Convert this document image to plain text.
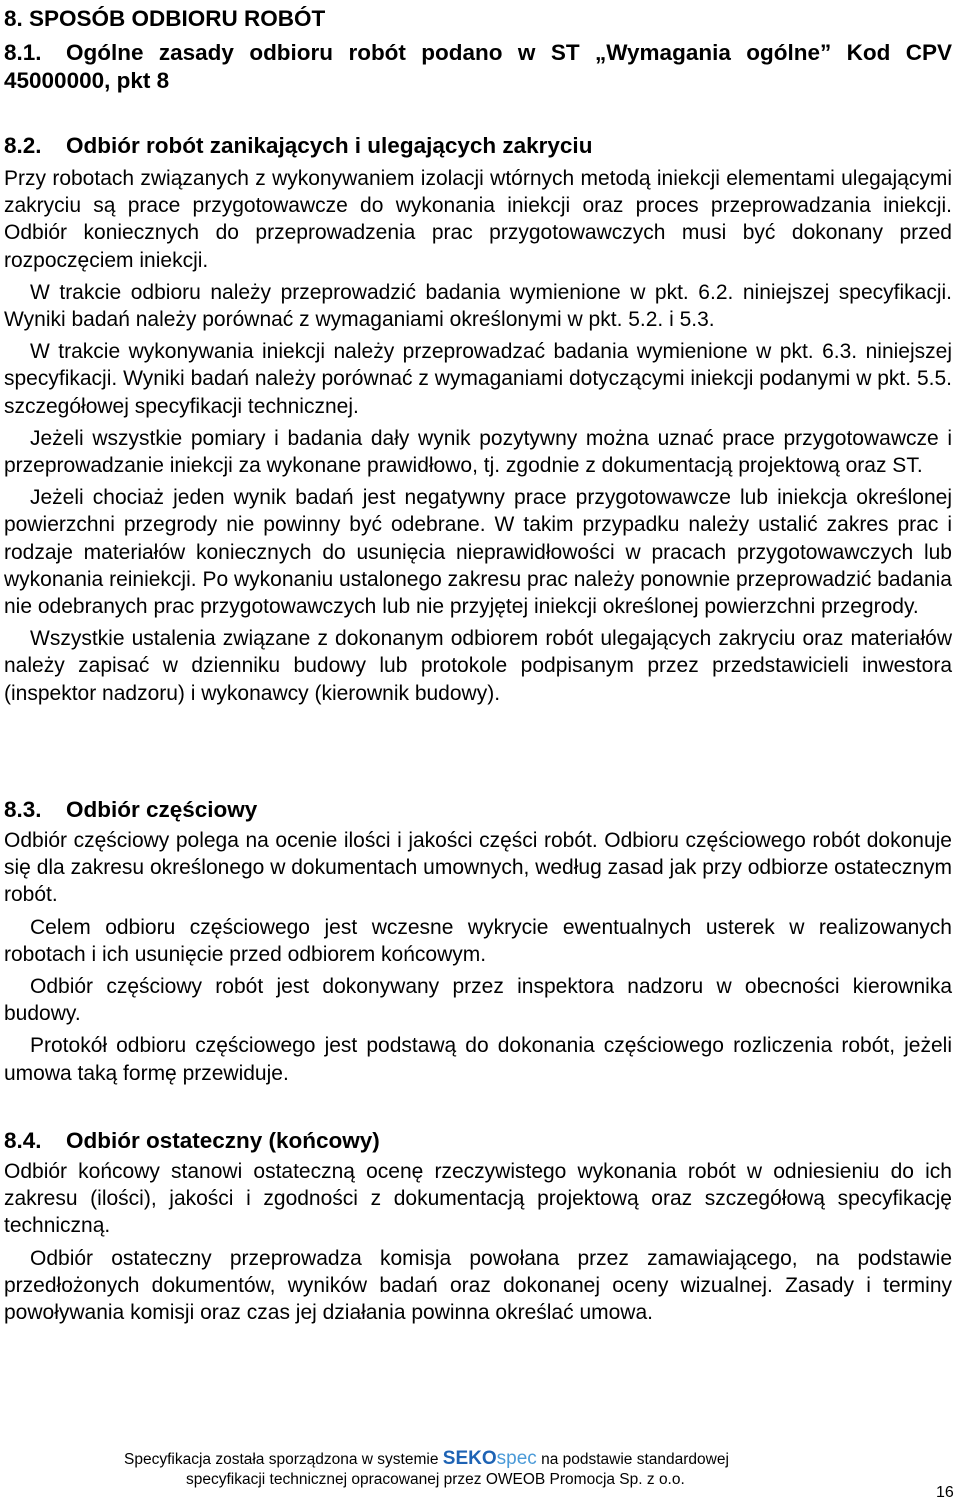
8. SPOSÓB ODBIORU ROBÓT

8.1. Ogólne zasady odbioru robót podano w ST „Wymagania ogólne” Kod CPV 45000000, pkt 8

8.2. Odbiór robót zanikających i ulegających zakryciu

Przy robotach związanych z wykonywaniem izolacji wtórnych metodą iniekcji elementami ulegającymi zakryciu są prace przygotowawcze do wykonania iniekcji oraz proces przeprowadzania iniekcji. Odbiór koniecznych do przeprowadzenia prac przygotowawczych musi być dokonany przed rozpoczęciem iniekcji.

W trakcie odbioru należy przeprowadzić badania wymienione w pkt. 6.2. niniejszej specyfikacji. Wyniki badań należy porównać z wymaganiami określonymi w pkt. 5.2. i 5.3.

W trakcie wykonywania iniekcji należy przeprowadzać badania wymienione w pkt. 6.3. niniejszej specyfikacji. Wyniki badań należy porównać z wymaganiami dotyczącymi iniekcji podanymi w pkt. 5.5. szczegółowej specyfikacji technicznej.

Jeżeli wszystkie pomiary i badania dały wynik pozytywny można uznać prace przygotowawcze i przeprowadzanie iniekcji za wykonane prawidłowo, tj. zgodnie z dokumentacją projektową oraz ST.

Jeżeli chociaż jeden wynik badań jest negatywny prace przygotowawcze lub iniekcja określonej powierzchni przegrody nie powinny być odebrane. W takim przypadku należy ustalić zakres prac i rodzaje materiałów koniecznych do usunięcia nieprawidłowości w pracach przygotowawczych lub wykonania reiniekcji. Po wykonaniu ustalonego zakresu prac należy ponownie przeprowadzić badania nie odebranych prac przygotowawczych lub nie przyjętej iniekcji określonej powierzchni przegrody.

Wszystkie ustalenia związane z dokonanym odbiorem robót ulegających zakryciu oraz materiałów należy zapisać w dzienniku budowy lub protokole podpisanym przez przedstawicieli inwestora (inspektor nadzoru) i wykonawcy (kierownik budowy).

8.3. Odbiór częściowy

Odbiór częściowy polega na ocenie ilości i jakości części robót. Odbioru częściowego robót dokonuje się dla zakresu określonego w dokumentach umownych, według zasad jak przy odbiorze ostatecznym robót.

Celem odbioru częściowego jest wczesne wykrycie ewentualnych usterek w realizowanych robotach i ich usunięcie przed odbiorem końcowym.

Odbiór częściowy robót jest dokonywany przez inspektora nadzoru w obecności kierownika budowy.

Protokół odbioru częściowego jest podstawą do dokonania częściowego rozliczenia robót, jeżeli umowa taką formę przewiduje.

8.4. Odbiór ostateczny (końcowy)

Odbiór końcowy stanowi ostateczną ocenę rzeczywistego wykonania robót w odniesieniu do ich zakresu (ilości), jakości i zgodności z dokumentacją projektową oraz szczegółową specyfikację techniczną.

Odbiór ostateczny przeprowadza komisja powołana przez zamawiającego, na podstawie przedłożonych dokumentów, wyników badań oraz dokonanej oceny wizualnej. Zasady i terminy powoływania komisji oraz czas jej działania powinna określać umowa.

Specyfikacja została sporządzona w systemie SEKOspec na podstawie standardowej
specyfikacji technicznej opracowanej przez OWEOB Promocja Sp. z o.o.
16
